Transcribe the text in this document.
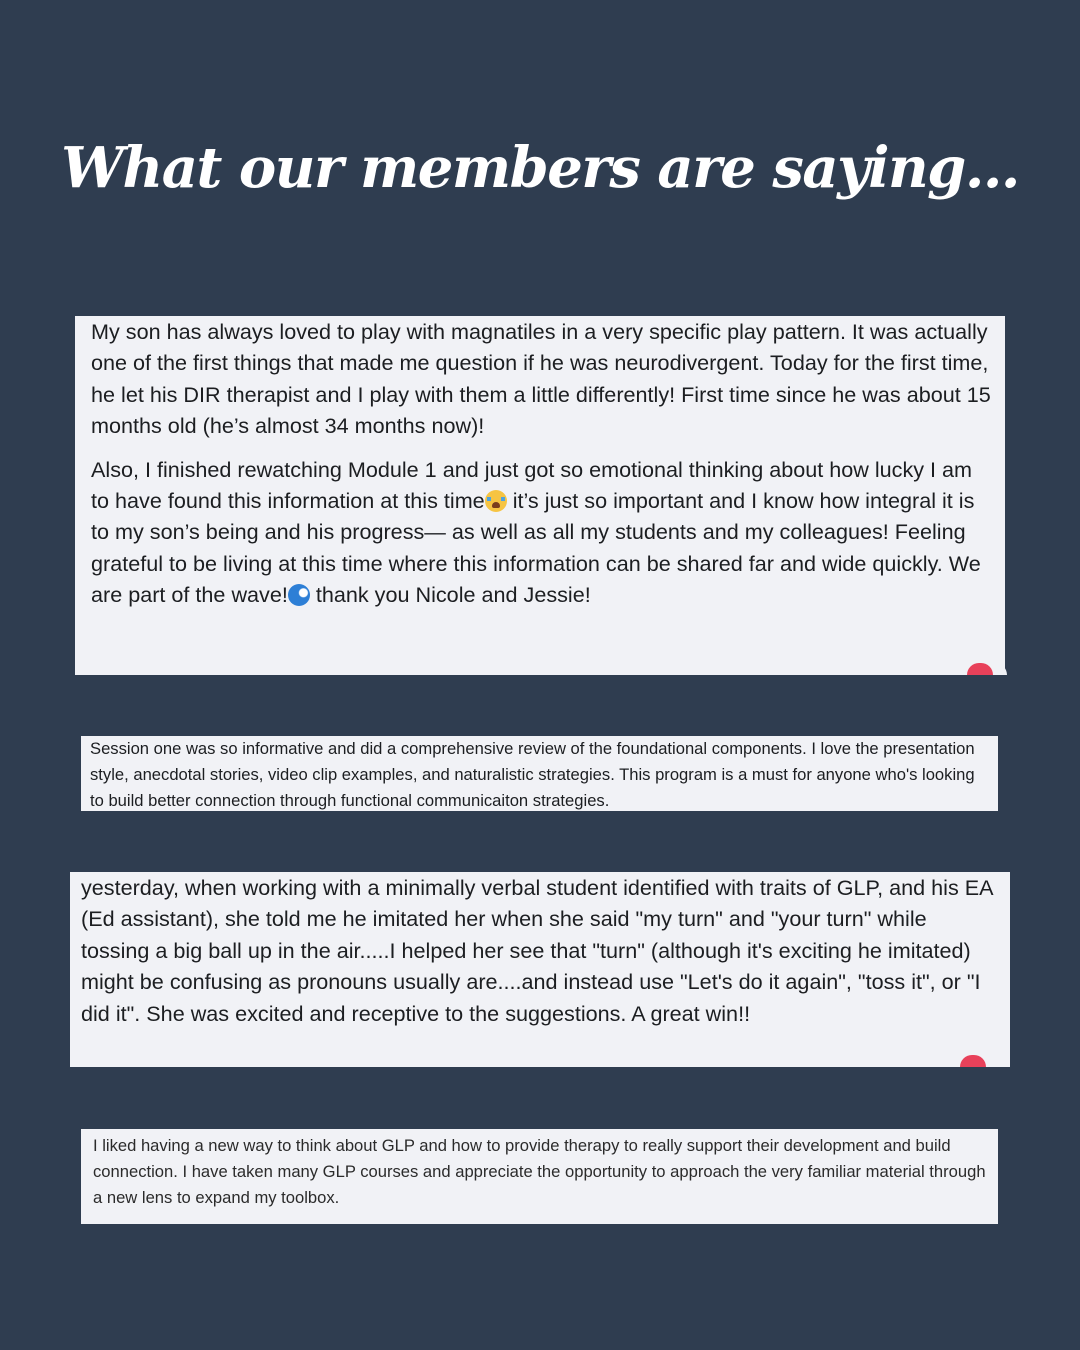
What our members are saying...

My son has always loved to play with magnatiles in a very specific play pattern. It was actually one of the first things that made me question if he was neurodivergent. Today for the first time, he let his DIR therapist and I play with them a little differently! First time since he was about 15 months old (he’s almost 34 months now)!

Also, I finished rewatching Module 1 and just got so emotional thinking about how lucky I am to have found this information at this time it’s just so important and I know how integral it is to my son’s being and his progress— as well as all my students and my colleagues! Feeling grateful to be living at this time where this information can be shared far and wide quickly. We are part of the wave! thank you Nicole and Jessie!

Session one was so informative and did a comprehensive review of the foundational components. I love the presentation style, anecdotal stories, video clip examples, and naturalistic strategies. This program is a must for anyone who's looking to build better connection through functional communicaiton strategies.

yesterday, when working with a minimally verbal student identified with traits of GLP, and his EA (Ed assistant), she told me he imitated her when she said "my turn" and "your turn" while tossing a big ball up in the air.....I helped her see that "turn" (although it's exciting he imitated) might be confusing as pronouns usually are....and instead use "Let's do it again", "toss it", or "I did it". She was excited and receptive to the suggestions. A great win!!

I liked having a new way to think about GLP and how to provide therapy to really support their development and build connection. I have taken many GLP courses and appreciate the opportunity to approach the very familiar material through a new lens to expand my toolbox.
